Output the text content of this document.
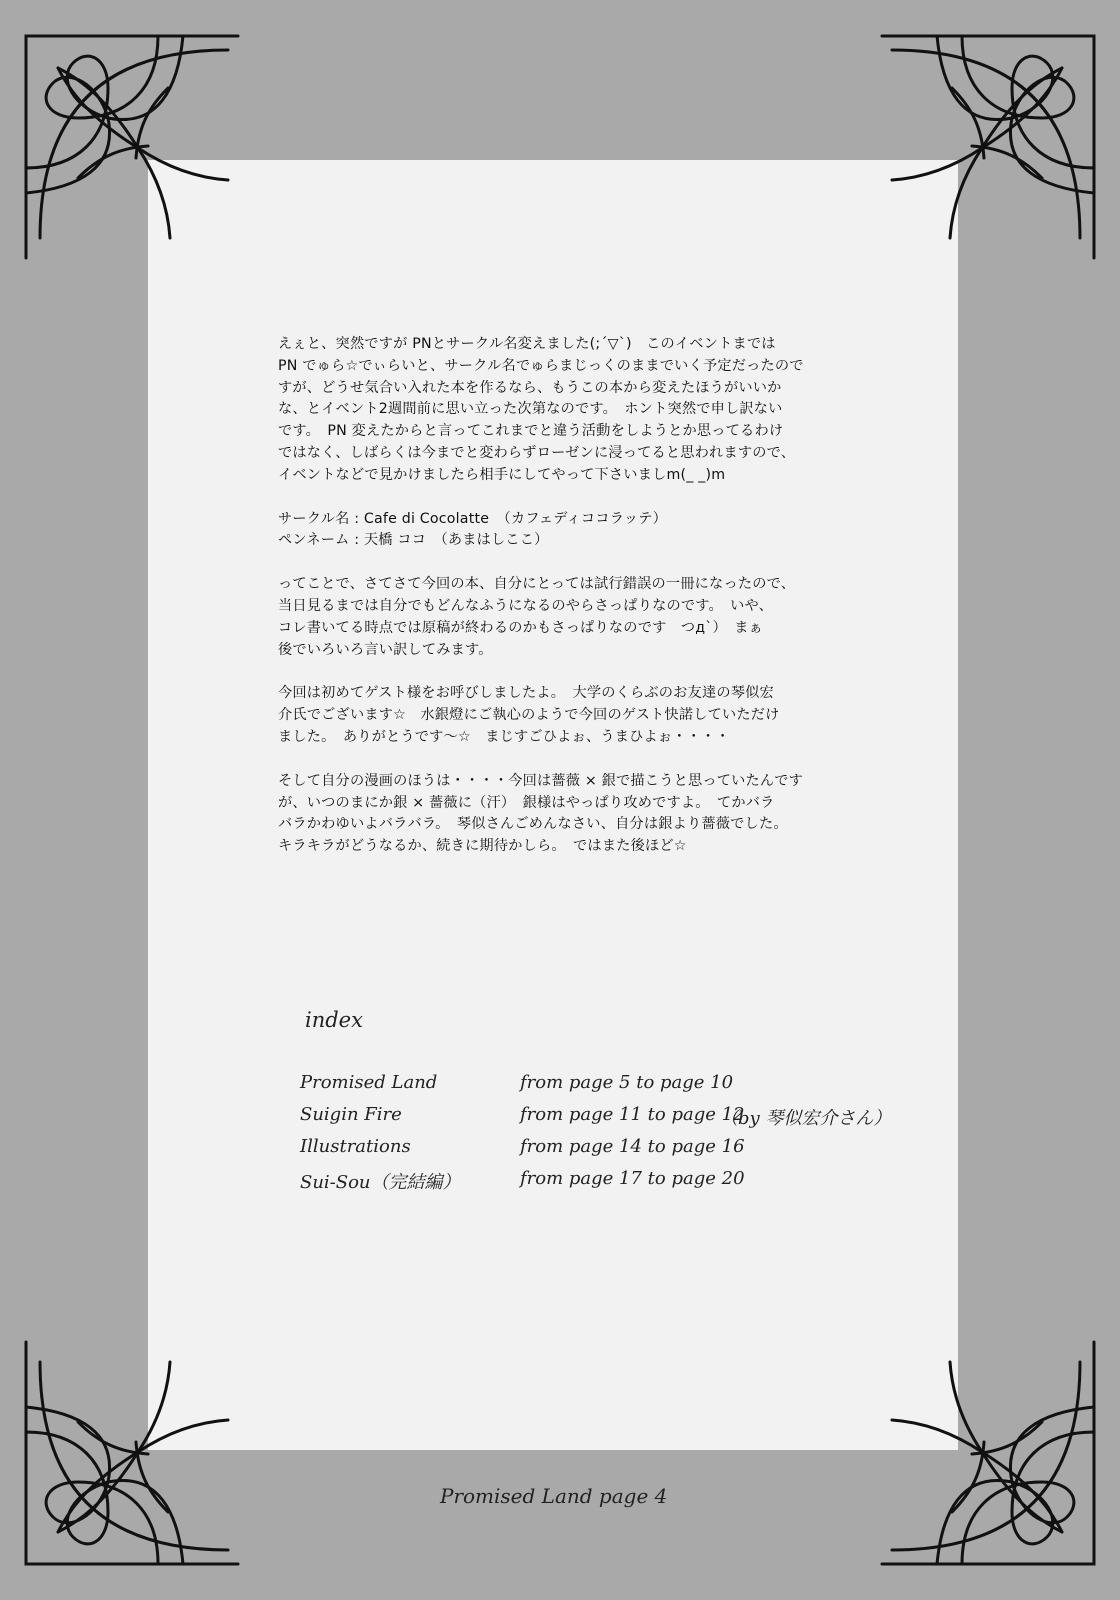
えぇと、突然ですが PNとサークル名変えました(;´▽`)　このイベントまでは

PN でゅら☆でぃらいと、サークル名でゅらまじっくのままでいく予定だったので

すが、どうせ気合い入れた本を作るなら、もうこの本から変えたほうがいいか

な、とイベント2週間前に思い立った次第なのです。　ホント突然で申し訳ない

です。　PN 変えたからと言ってこれまでと違う活動をしようとか思ってるわけ

ではなく、しばらくは今までと変わらずローゼンに浸ってると思われますので、

イベントなどで見かけましたら相手にしてやって下さいましm(_ _)m

サークル名 : Cafe di Cocolatte　（カフェディココラッテ）

ペンネーム : 天橋 ココ　（あまはしここ）

ってことで、さてさて今回の本、自分にとっては試行錯誤の一冊になったので、

当日見るまでは自分でもどんなふうになるのやらさっぱりなのです。　いや、

コレ書いてる時点では原稿が終わるのかもさっぱりなのです　つд`）　まぁ

後でいろいろ言い訳してみます。

今回は初めてゲスト様をお呼びしましたよ。　大学のくらぶのお友達の琴似宏

介氏でございます☆　水銀燈にご執心のようで今回のゲスト快諾していただけ

ました。　ありがとうです～☆　まじすごひよぉ、うまひよぉ・・・・

そして自分の漫画のほうは・・・・今回は薔薇 × 銀で描こうと思っていたんです

が、いつのまにか銀 × 薔薇に（汗）　銀様はやっぱり攻めですよ。　てかバラ

バラかわゆいよバラバラ。　琴似さんごめんなさい、自分は銀より薔薇でした。

キラキラがどうなるか、続きに期待かしら。　ではまた後ほど☆

index
Promised Land	from page 5 to page 10
Suigin Fire	from page 11 to page 12
（by 琴似宏介さん）
Illustrations	from page 14 to page 16
Sui-Sou（完結編）	from page 17 to page 20
Promised Land page 4
